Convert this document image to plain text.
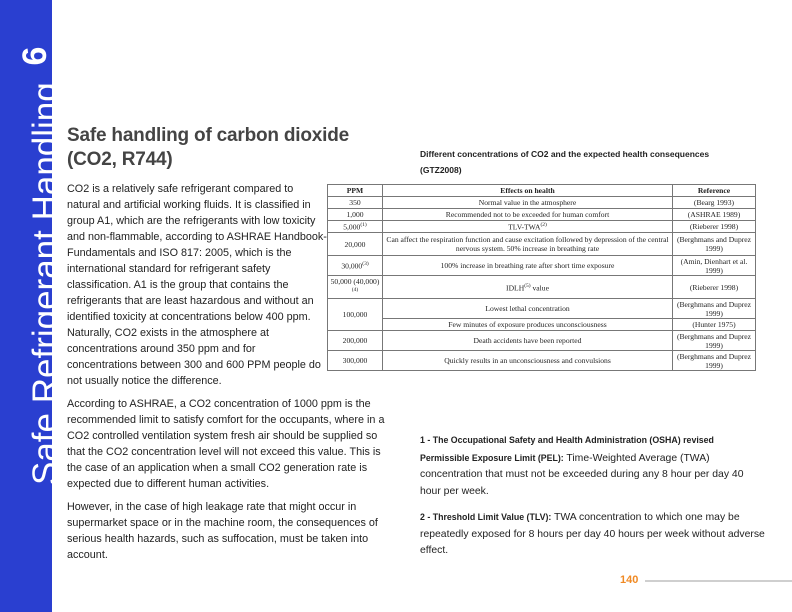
6
Safe Refrigerant Handling Safe handling of carbon dioxide (CO2, R744)

CO2 is a relatively safe refrigerant compared to natural and artificial working fluids. It is classified in group A1, which are the refrigerants with low toxicity and non-flammable, according to ASHRAE Handbook-Fundamentals and ISO 817: 2005, which is the international standard for refrigerant safety classification. A1 is the group that contains the refrigerants that are least hazardous and without an identified toxicity at concentrations below 400 ppm. Naturally, CO2 exists in the atmosphere at concentrations around 350 ppm and for concentrations between 300 and 600 PPM people do not usually notice the difference.

According to ASHRAE, a CO2 concentration of 1000 ppm is the recommended limit to satisfy comfort for the occupants, where in a CO2 controlled ventilation system fresh air should be supplied so that the CO2 concentration level will not exceed this value. This is the case of an application when a small CO2 generation rate is expected due to different human activities.

However, in the case of high leakage rate that might occur in supermarket space or in the machine room, the consequences of serious health hazards, such as suffocation, must be taken into account.

Different concentrations of CO2 and the expected health consequences (GTZ2008)
PPM	Effects on health	Reference
350	Normal value in the atmosphere	(Bearg 1993)
1,000	Recommended not to be exceeded for human comfort	(ASHRAE 1989)
5,000$^{(1)}$	TLV-TWA$^{(2)}$	(Rieberer 1998)
20,000	Can affect the respiration function and cause excitation followed by depression of the central nervous system. 50% increase in breathing rate	(Berghmans and Duprez 1999)
30,000$^{(3)}$	100% increase in breathing rate after short time exposure	(Amin, Dienhart et al. 1999)
50,000 $(40,000)^{(4)}$	IDLH$^{(5)}$ value	(Rieberer 1998)
100,000	Lowest lethal concentration	(Berghmans and Duprez 1999)
	Few minutes of exposure produces unconsciousness	(Hunter 1975)
200,000	Death accidents have been reported	(Berghmans and Duprez 1999)
300,000	Quickly results in an unconsciousness and convulsions	(Berghmans and Duprez 1999)

1 - The Occupational Safety and Health Administration (OSHA) revised Permissible Exposure Limit (PEL): Time-Weighted Average (TWA) concentration that must not be exceeded during any 8 hour per day 40 hour per week.

2 - Threshold Limit Value (TLV): TWA concentration to which one may be repeatedly exposed for 8 hours per day 40 hours per week without adverse effect.

140
